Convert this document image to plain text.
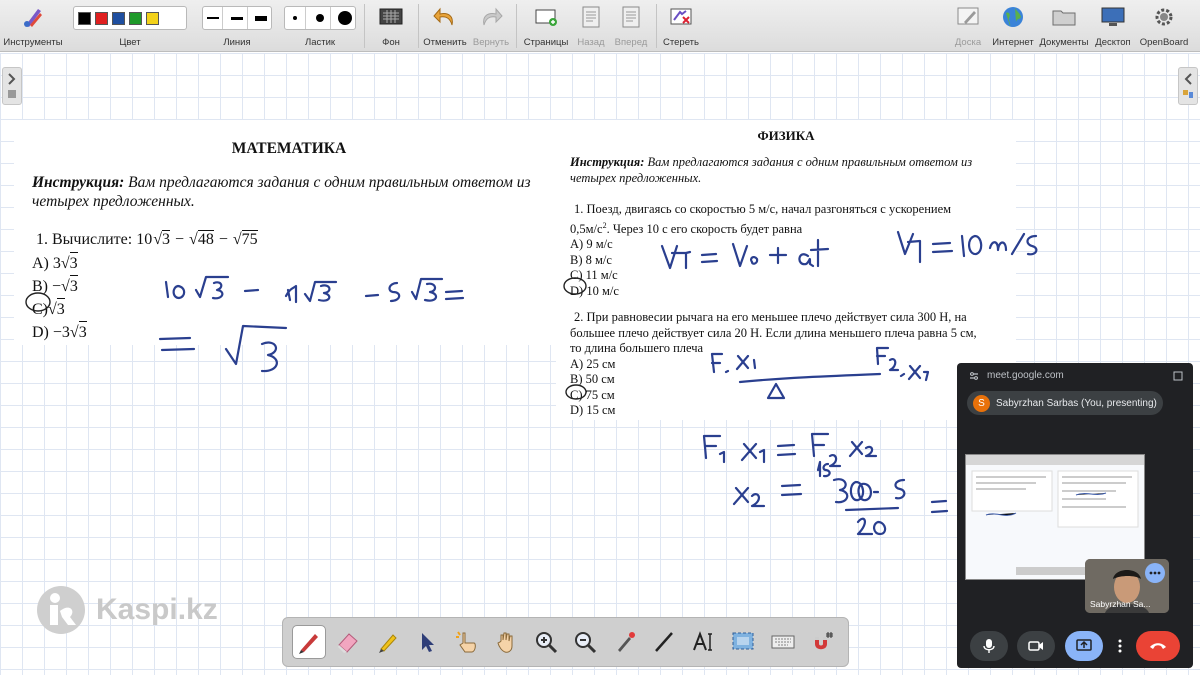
Инструменты	Цвет	Линия	Ластик	Фон	Отменить Вернуть	Страницы Назад	Вперед	Стереть	Доска	Интернет Документы Десктоп OpenBoard
МАТЕМАТИКА
Инструкция: Вам предлагаются задания с одним правильным ответом из четырех предложенных.
1. Вычислите: 10 √ 3 − √ 48 − √ 75
A) 3 √ 3
B) − √ 3
C) √ 3
D) −3 √ 3
ФИЗИКА
Инструкция: Вам предлагаются задания с одним правильным ответом из четырех предложенных.
1. Поезд, двигаясь со скоростью 5 м/с, начал разгоняться с ускорением
$0,5м/с^2$. Через 10 с его скорость будет равна
A) 9 м/с
B) 8 м/с
C) 11 м/с
D) 10 м/с
2. При равновесии рычага на его меньшее плечо действует сила 300 Н, на
большее плечо действует сила 20 Н. Если длина меньшего плеча равна 5 см,
то длина большего плеча
A) 25 см
B) 50 см
C) 75 см
D) 15 см
Kaspi.kz
meet.google.com
S	Sabyrzhan Sarbas (You, presenting)
Sabyrzhan Sa...
